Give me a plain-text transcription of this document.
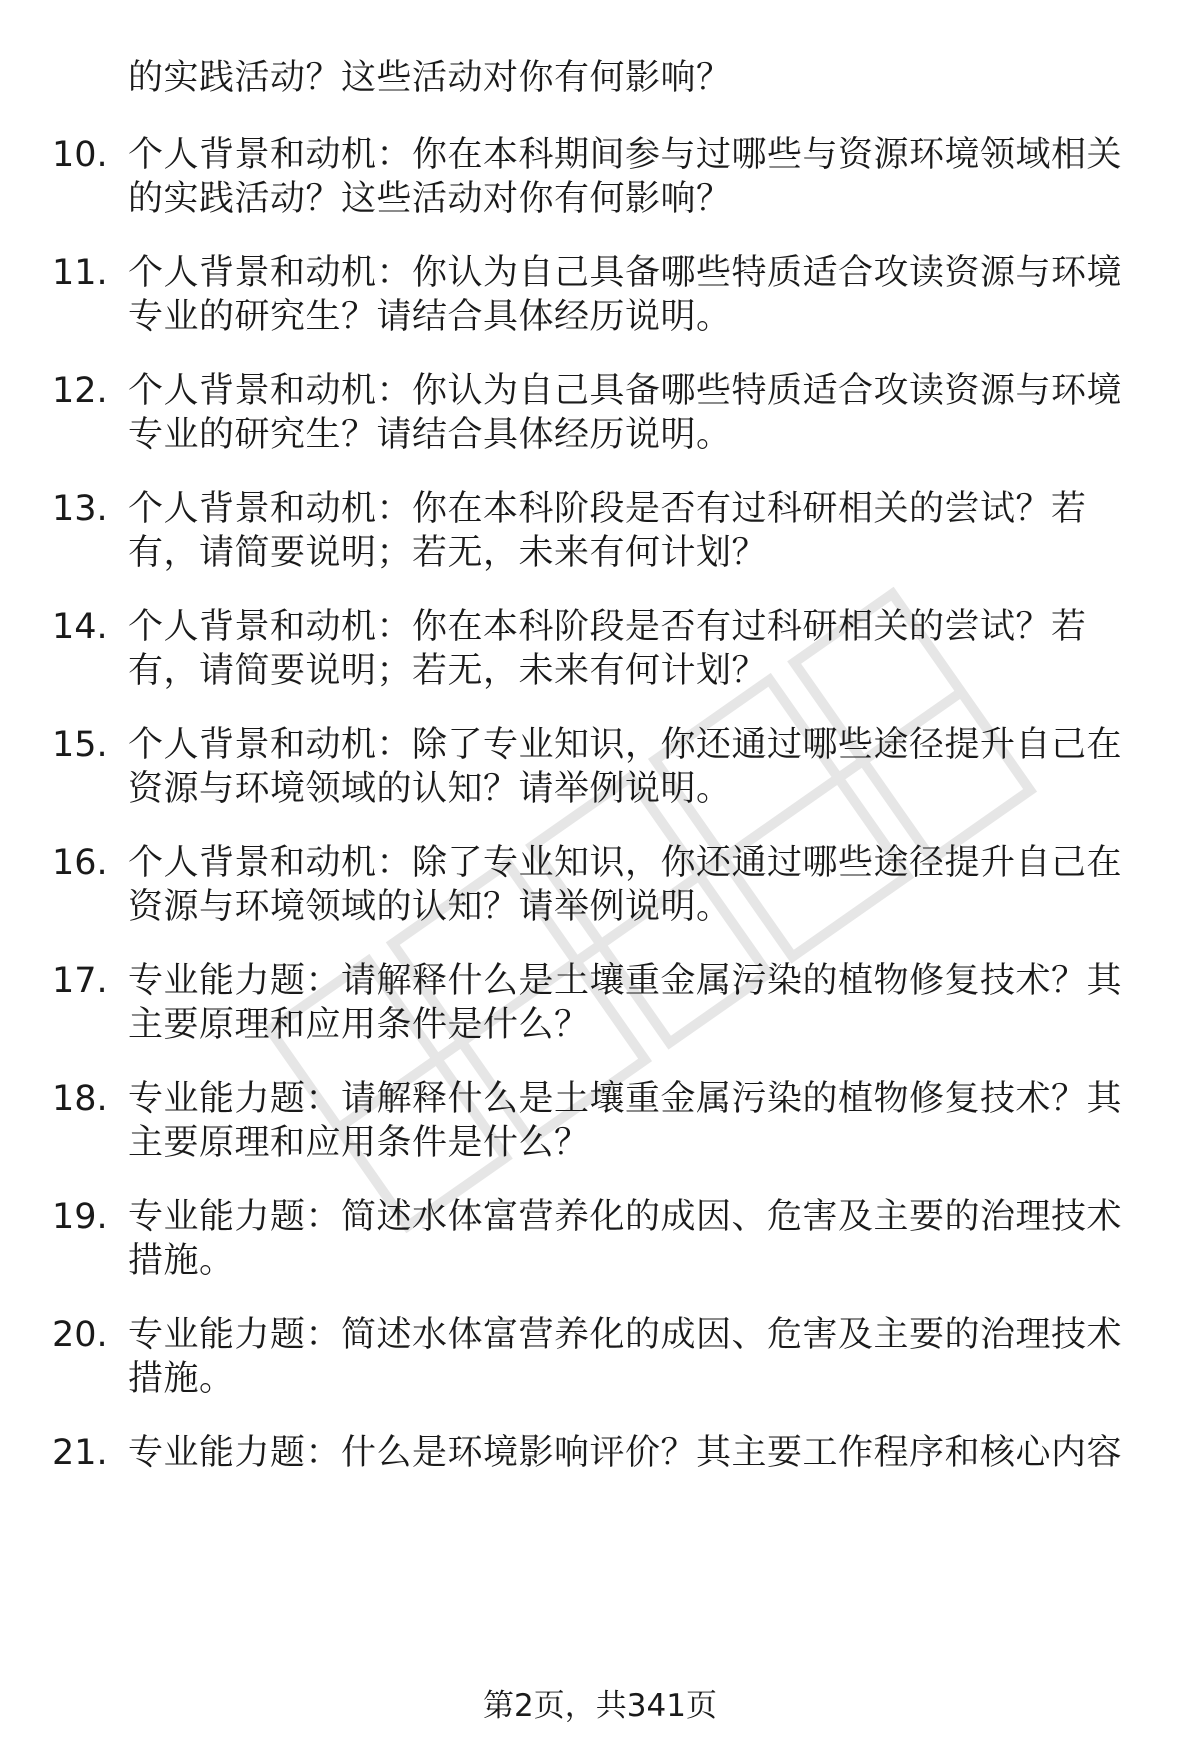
的实践活动？这些活动对你有何影响？
10. 个人背景和动机：你在本科期间参与过哪些与资源环境领域相关
的实践活动？这些活动对你有何影响？
11. 个人背景和动机：你认为自己具备哪些特质适合攻读资源与环境
专业的研究生？请结合具体经历说明。
12. 个人背景和动机：你认为自己具备哪些特质适合攻读资源与环境
专业的研究生？请结合具体经历说明。
13. 个人背景和动机：你在本科阶段是否有过科研相关的尝试？若
有，请简要说明；若无，未来有何计划？
14. 个人背景和动机：你在本科阶段是否有过科研相关的尝试？若
有，请简要说明；若无，未来有何计划？
15. 个人背景和动机：除了专业知识，你还通过哪些途径提升自己在
资源与环境领域的认知？请举例说明。
16. 个人背景和动机：除了专业知识，你还通过哪些途径提升自己在
资源与环境领域的认知？请举例说明。
17. 专业能力题：请解释什么是土壤重金属污染的植物修复技术？其
主要原理和应用条件是什么？
18. 专业能力题：请解释什么是土壤重金属污染的植物修复技术？其
主要原理和应用条件是什么？
19. 专业能力题：简述水体富营养化的成因、危害及主要的治理技术
措施。
20. 专业能力题：简述水体富营养化的成因、危害及主要的治理技术
措施。
21. 专业能力题：什么是环境影响评价？其主要工作程序和核心内容
第2页，共341页
